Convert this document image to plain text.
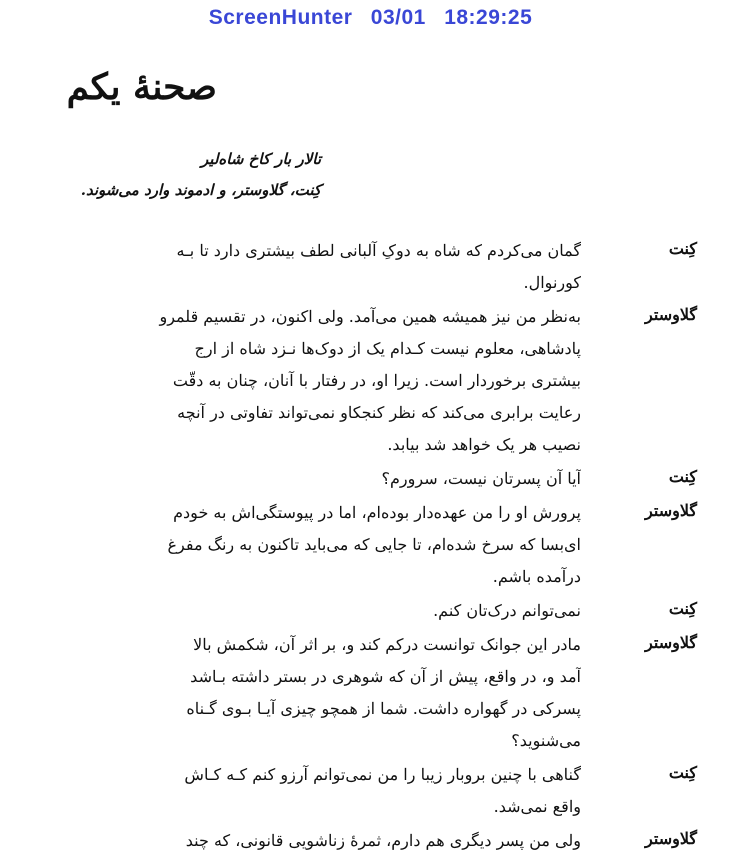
ScreenHunter 03/01 18:29:25
صحنهٔ یکم
تالار بار کاخ شاه‌لیر
کِنت، گلاوستر، و ادموند وارد می‌شوند.
کِنت
گمان می‌کردم که شاه به دوکِ آلبانی لطف بیشتری دارد تا بـه
کورنوال.
گلاوستر
به‌نظر من نیز همیشه همین می‌آمد. ولی اکنون، در تقسیم قلمرو
پادشاهی، معلوم نیست کـدام یک از دوک‌ها نـزد شاه از ارج
بیشتری برخوردار است. زیرا او، در رفتار با آنان، چنان به دقّت
رعایت برابری می‌کند که نظر کنجکاو نمی‌تواند تفاوتی در آنچه
نصیب هر یک خواهد شد بیابد.
کِنت
آیا آن پسرتان نیست، سرورم؟
گلاوستر
پرورش او را من عهده‌دار بوده‌ام، اما در پیوستگی‌اش به خودم
ای‌بسا که سرخ شده‌ام، تا جایی که می‌باید تاکنون به رنگ مفرغ
درآمده باشم.
کِنت
نمی‌توانم درک‌تان کنم.
گلاوستر
مادر این جوانک توانست درکم کند و، بر اثر آن، شکمش بالا
آمد و، در واقع، پیش از آن که شوهری در بستر داشته بـاشد
پسرکی در گهواره داشت. شما از همچو چیزی آیـا بـوی گـناه
می‌شنوید؟
کِنت
گناهی با چنین بروبار زیبا را من نمی‌توانم آرزو کنم کـه کـاش
واقع نمی‌شد.
گلاوستر
ولی من پسر دیگری هم دارم، ثمرهٔ زناشویی قانونی، که چند
